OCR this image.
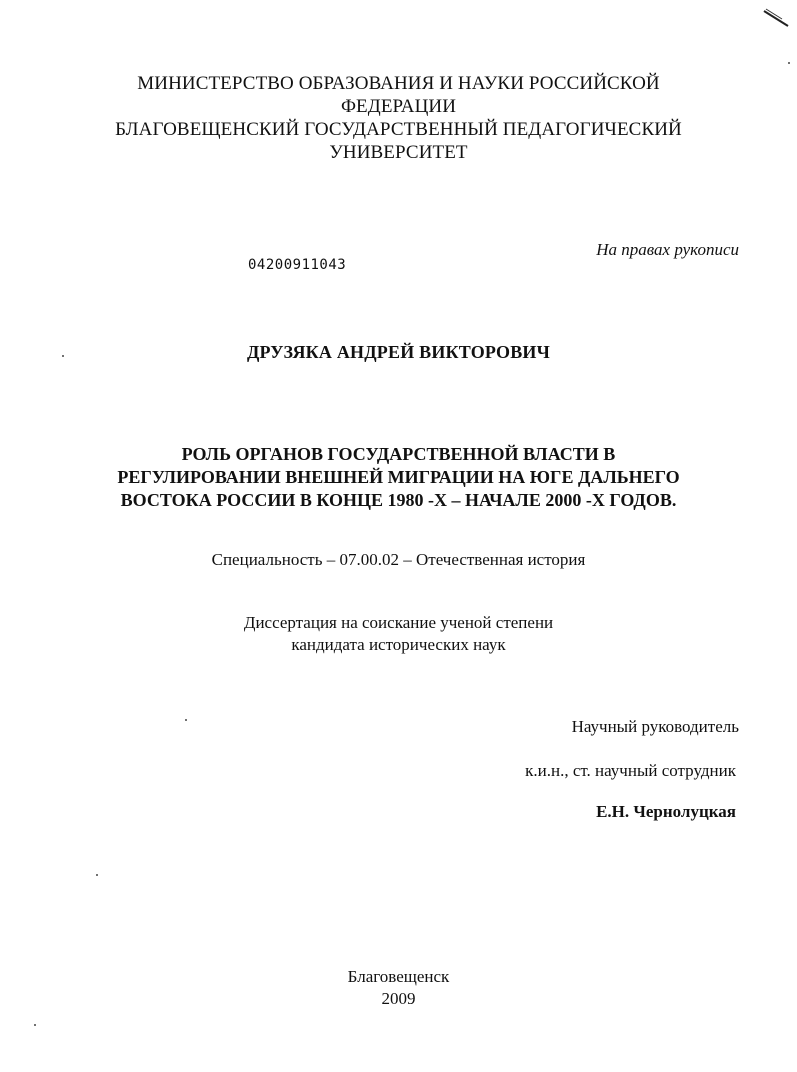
МИНИСТЕРСТВО ОБРАЗОВАНИЯ И НАУКИ РОССИЙСКОЙ
ФЕДЕРАЦИИ
БЛАГОВЕЩЕНСКИЙ ГОСУДАРСТВЕННЫЙ ПЕДАГОГИЧЕСКИЙ
УНИВЕРСИТЕТ
На правах рукописи
04200911043
ДРУЗЯКА АНДРЕЙ ВИКТОРОВИЧ
РОЛЬ ОРГАНОВ ГОСУДАРСТВЕННОЙ ВЛАСТИ В
РЕГУЛИРОВАНИИ ВНЕШНЕЙ МИГРАЦИИ НА ЮГЕ ДАЛЬНЕГО
ВОСТОКА РОССИИ В КОНЦЕ 1980 -Х – НАЧАЛЕ 2000 -Х ГОДОВ.
Специальность – 07.00.02 – Отечественная история
Диссертация на соискание ученой степени
кандидата исторических наук
Научный руководитель
к.и.н., ст. научный сотрудник
Е.Н. Чернолуцкая
Благовещенск
2009
